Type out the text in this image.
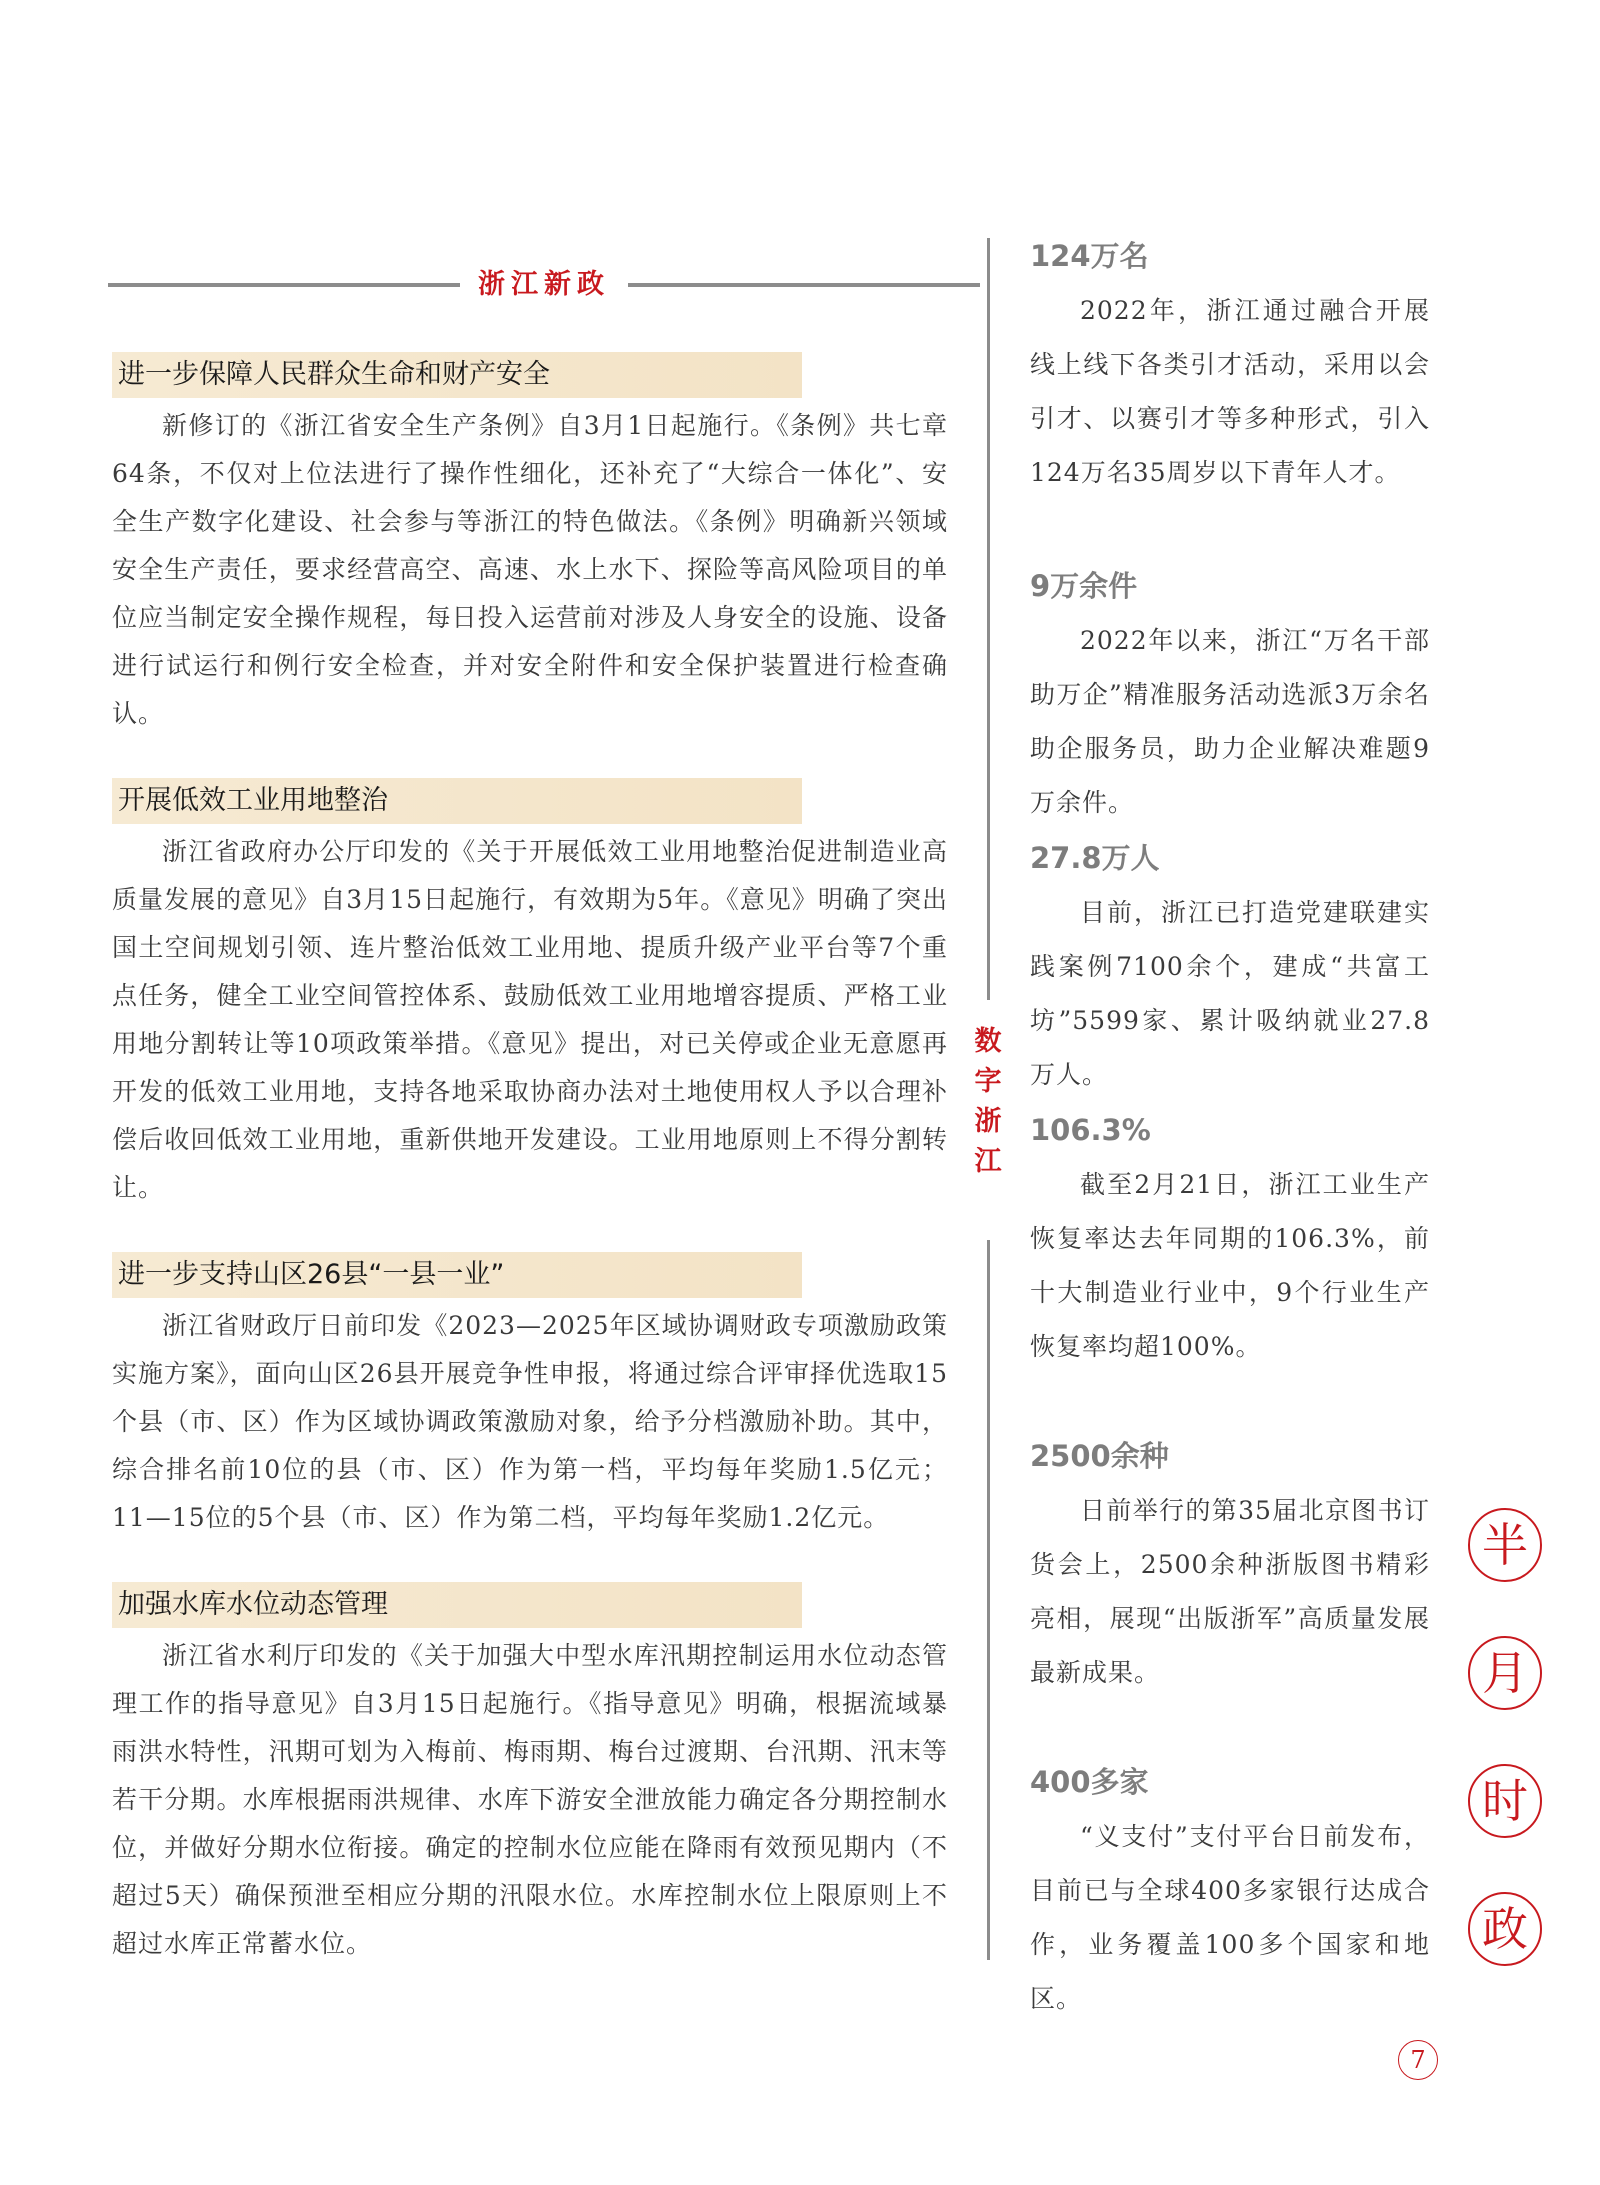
浙江新政
进一步保障人民群众生命和财产安全

新修订的《浙江省安全生产条例》自3月1日起施行。《条例》共七章64条，不仅对上位法进行了操作性细化，还补充了“大综合一体化”、安全生产数字化建设、社会参与等浙江的特色做法。《条例》明确新兴领域安全生产责任，要求经营高空、高速、水上水下、探险等高风险项目的单位应当制定安全操作规程，每日投入运营前对涉及人身安全的设施、设备进行试运行和例行安全检查，并对安全附件和安全保护装置进行检查确认。

开展低效工业用地整治

浙江省政府办公厅印发的《关于开展低效工业用地整治促进制造业高质量发展的意见》自3月15日起施行，有效期为5年。《意见》明确了突出国土空间规划引领、连片整治低效工业用地、提质升级产业平台等7个重点任务，健全工业空间管控体系、鼓励低效工业用地增容提质、严格工业用地分割转让等10项政策举措。《意见》提出，对已关停或企业无意愿再开发的低效工业用地，支持各地采取协商办法对土地使用权人予以合理补偿后收回低效工业用地，重新供地开发建设。工业用地原则上不得分割转让。

进一步支持山区26县“一县一业”

浙江省财政厅日前印发《2023—2025年区域协调财政专项激励政策实施方案》，面向山区26县开展竞争性申报，将通过综合评审择优选取15个县（市、区）作为区域协调政策激励对象，给予分档激励补助。其中，综合排名前10位的县（市、区）作为第一档，平均每年奖励1.5亿元；11—15位的5个县（市、区）作为第二档，平均每年奖励1.2亿元。

加强水库水位动态管理

浙江省水利厅印发的《关于加强大中型水库汛期控制运用水位动态管理工作的指导意见》自3月15日起施行。《指导意见》明确，根据流域暴雨洪水特性，汛期可划为入梅前、梅雨期、梅台过渡期、台汛期、汛末等若干分期。水库根据雨洪规律、水库下游安全泄放能力确定各分期控制水位，并做好分期水位衔接。确定的控制水位应能在降雨有效预见期内（不超过5天）确保预泄至相应分期的汛限水位。水库控制水位上限原则上不超过水库正常蓄水位。

数
字
浙
江
124万名

2022年，浙江通过融合开展线上线下各类引才活动，采用以会引才、以赛引才等多种形式，引入124万名35周岁以下青年人才。

9万余件

2022年以来，浙江“万名干部助万企”精准服务活动选派3万余名助企服务员，助力企业解决难题9万余件。

27.8万人

目前，浙江已打造党建联建实践案例7100余个，建成“共富工坊”5599家、累计吸纳就业27.8万人。

106.3%

截至2月21日，浙江工业生产恢复率达去年同期的106.3%，前十大制造业行业中，9个行业生产恢复率均超100%。

2500余种

日前举行的第35届北京图书订货会上，2500余种浙版图书精彩亮相，展现“出版浙军”高质量发展最新成果。

400多家

“义支付”支付平台日前发布，目前已与全球400多家银行达成合作，业务覆盖100多个国家和地区。

半
月
时
政
7
